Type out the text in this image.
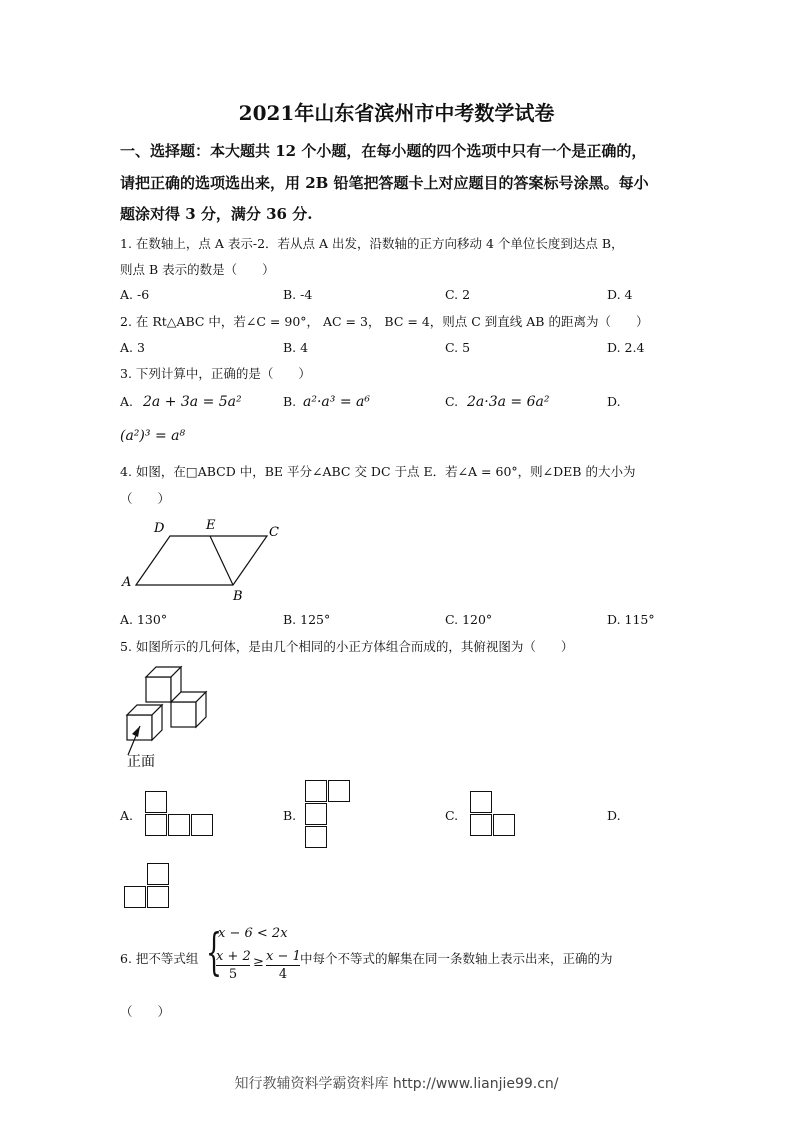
2021年山东省滨州市中考数学试卷
一、选择题：本大题共 12 个小题，在每小题的四个选项中只有一个是正确的，
请把正确的选项选出来，用 2B 铅笔把答题卡上对应题目的答案标号涂黑。每小
题涂对得 3 分，满分 36 分.
1. 在数轴上，点 A 表示-2．若从点 A 出发，沿数轴的正方向移动 4 个单位长度到达点 B，
则点 B 表示的数是（　　）
A. -6	B. -4	C. 2	D. 4
2. 在 Rt△ABC 中，若∠C = 90°， AC = 3， BC = 4，则点 C 到直线 AB 的距离为（　　）
A. 3	B. 4	C. 5	D. 2.4
3. 下列计算中，正确的是（　　）
A. 2a + 3a = 5a²	B. a²·a³ = a⁶	C. 2a·3a = 6a²	D.
(a²)³ = a⁸
4. 如图，在□ABCD 中，BE 平分∠ABC 交 DC 于点 E．若∠A = 60°，则∠DEB 的大小为
（　　）
D	E	C
A
B
A. 130°	B. 125°	C. 120°	D. 115°
5. 如图所示的几何体，是由几个相同的小正方体组合而成的，其俯视图为（　　）
正面
A.	B.	C.	D.
6. 把不等式组 {
x − 6 < 2x
$\frac{x + 2}{5} \ge \frac{x - 1}{4}$ 中每个不等式的解集在同一条数轴上表示出来，正确的为
（　　）
知行教辅资料学霸资料库 http://www.lianjie99.cn/
